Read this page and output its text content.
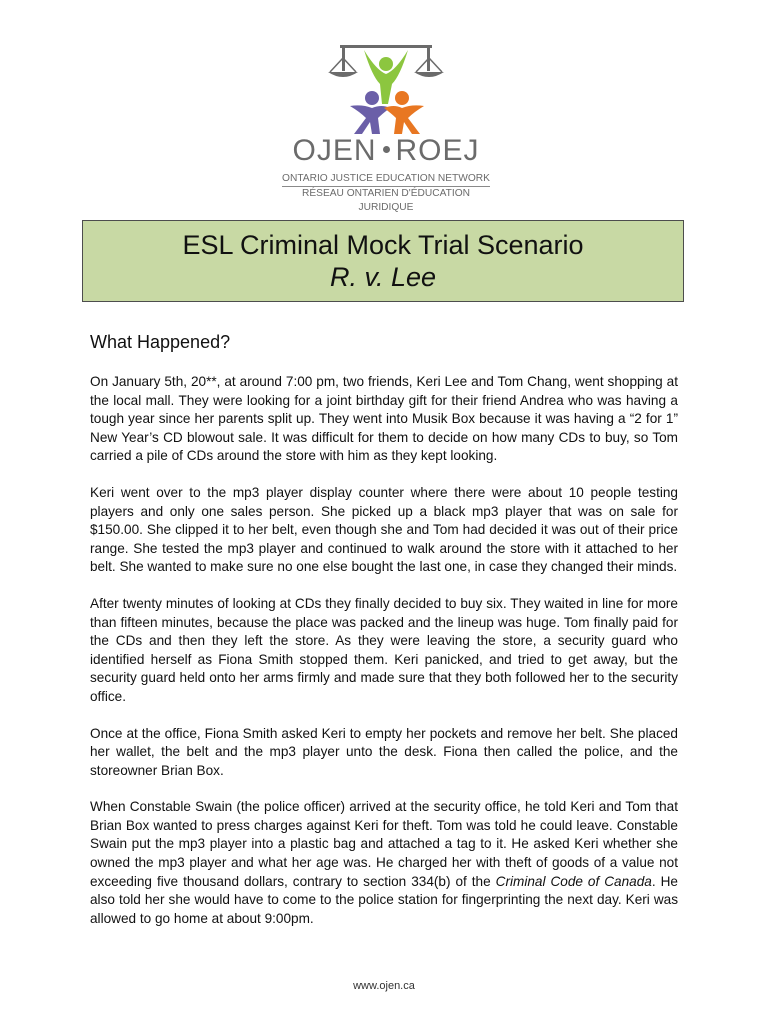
OJEN ROEJ
ONTARIO JUSTICE EDUCATION NETWORK
RÉSEAU ONTARIEN D'ÉDUCATION JURIDIQUE
ESL Criminal Mock Trial Scenario
R. v. Lee
What Happened?

On January 5th, 20**, at around 7:00 pm, two friends, Keri Lee and Tom Chang, went shopping at the local mall. They were looking for a joint birthday gift for their friend Andrea who was having a tough year since her parents split up. They went into Musik Box because it was having a “2 for 1” New Year’s CD blowout sale. It was difficult for them to decide on how many CDs to buy, so Tom carried a pile of CDs around the store with him as they kept looking.

Keri went over to the mp3 player display counter where there were about 10 people testing players and only one sales person. She picked up a black mp3 player that was on sale for $150.00. She clipped it to her belt, even though she and Tom had decided it was out of their price range. She tested the mp3 player and continued to walk around the store with it attached to her belt. She wanted to make sure no one else bought the last one, in case they changed their minds.

After twenty minutes of looking at CDs they finally decided to buy six. They waited in line for more than fifteen minutes, because the place was packed and the lineup was huge. Tom finally paid for the CDs and then they left the store. As they were leaving the store, a security guard who identified herself as Fiona Smith stopped them. Keri panicked, and tried to get away, but the security guard held onto her arms firmly and made sure that they both followed her to the security office.

Once at the office, Fiona Smith asked Keri to empty her pockets and remove her belt. She placed her wallet, the belt and the mp3 player unto the desk. Fiona then called the police, and the storeowner Brian Box.

When Constable Swain (the police officer) arrived at the security office, he told Keri and Tom that Brian Box wanted to press charges against Keri for theft. Tom was told he could leave. Constable Swain put the mp3 player into a plastic bag and attached a tag to it. He asked Keri whether she owned the mp3 player and what her age was. He charged her with theft of goods of a value not exceeding five thousand dollars, contrary to section 334(b) of the Criminal Code of Canada. He also told her she would have to come to the police station for fingerprinting the next day. Keri was allowed to go home at about 9:00pm.

www.ojen.ca
